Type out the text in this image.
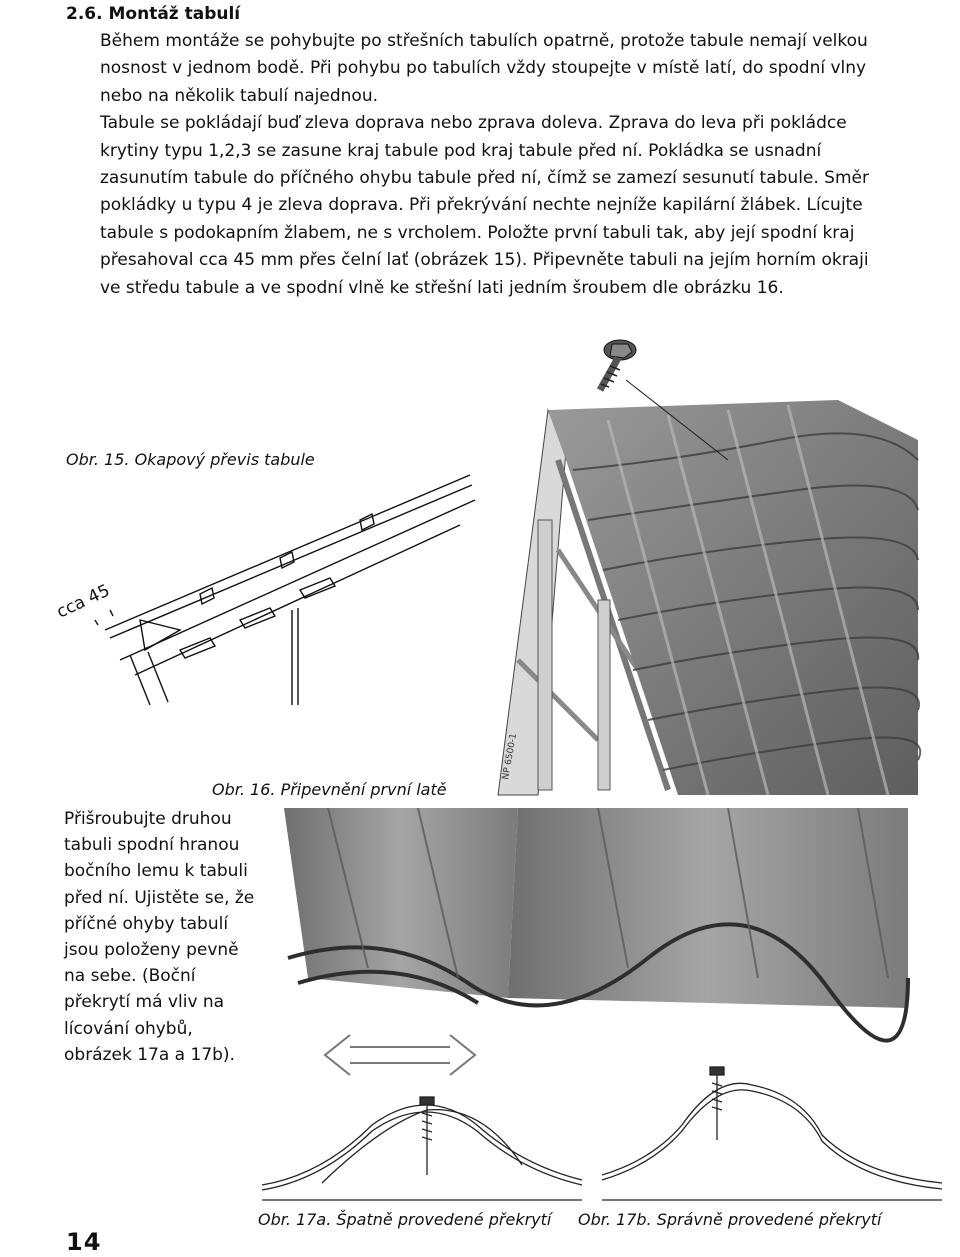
2.6. Montáž tabulí

Během montáže se pohybujte po střešních tabulích opatrně, protože tabule nemají velkou nosnost v jednom bodě. Při pohybu po tabulích vždy stoupejte v místě latí, do spodní vlny nebo na několik tabulí najednou.

Tabule se pokládají buď zleva doprava nebo zprava doleva. Zprava do leva při pokládce krytiny typu 1,2,3 se zasune kraj tabule pod kraj tabule před ní. Pokládka se usnadní zasunutím tabule do příčného ohybu tabule před ní, čímž se zamezí sesunutí tabule. Směr pokládky u typu 4 je zleva doprava. Při překrývání nechte nejníže kapilární žlábek. Lícujte tabule s podokapním žlabem, ne s vrcholem. Položte první tabuli tak, aby její spodní kraj přesahoval cca 45 mm přes čelní lať (obrázek 15). Připevněte tabuli na jejím horním okraji ve středu tabule a ve spodní vlně ke střešní lati jedním šroubem dle obrázku 16.

NP 6500-1
Obr. 15. Okapový převis tabule
cca 45
Obr. 16. Připevnění první latě
Přišroubujte druhou tabuli spodní hranou bočního lemu k tabuli před ní. Ujistěte se, že příčné ohyby tabulí jsou položeny pevně na sebe. (Boční překrytí má vliv na lícování ohybů, obrázek 17a a 17b).
Obr. 17a. Špatně provedené překrytí Obr. 17b. Správně provedené překrytí
14
